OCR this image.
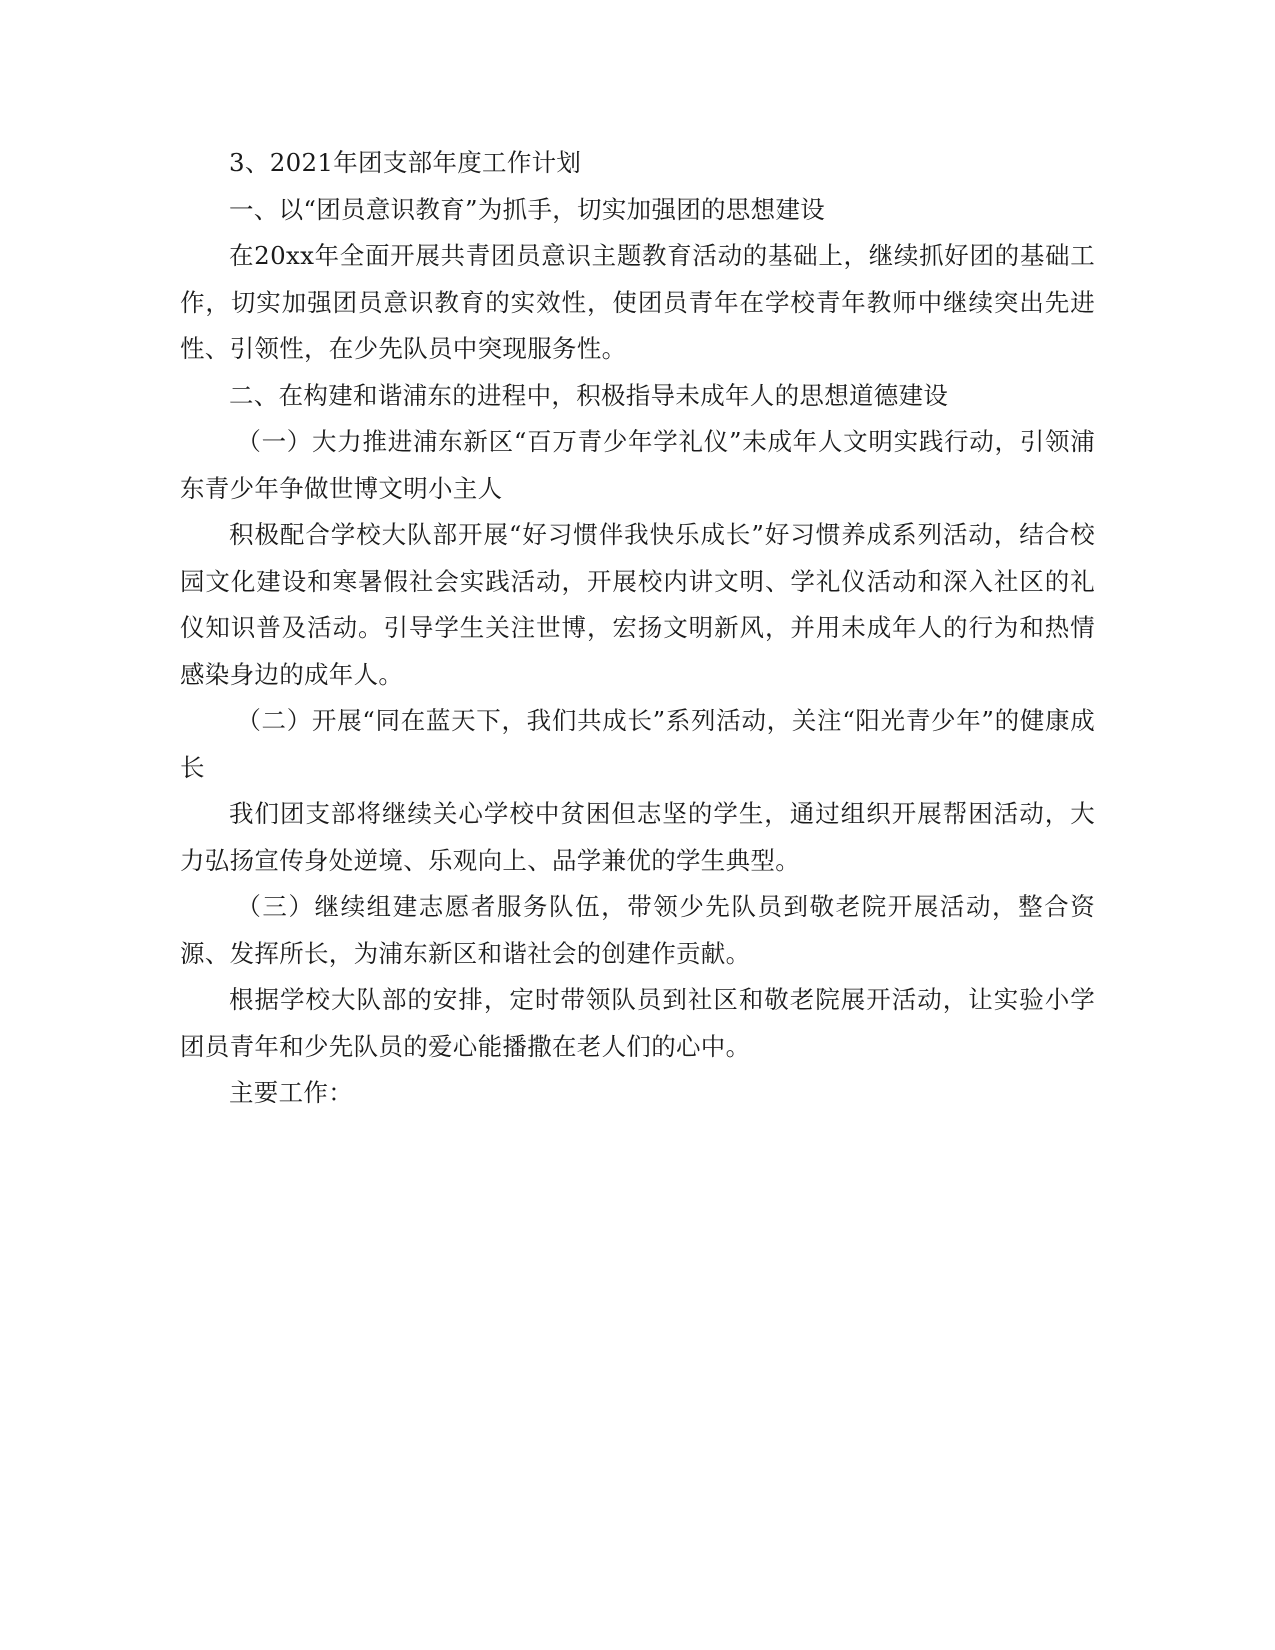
3、2021年团支部年度工作计划

一、以“团员意识教育”为抓手，切实加强团的思想建设

在20xx年全面开展共青团员意识主题教育活动的基础上，继续抓好团的基础工作，切实加强团员意识教育的实效性，使团员青年在学校青年教师中继续突出先进性、引领性，在少先队员中突现服务性。

二、在构建和谐浦东的进程中，积极指导未成年人的思想道德建设

（一）大力推进浦东新区“百万青少年学礼仪”未成年人文明实践行动，引领浦东青少年争做世博文明小主人

积极配合学校大队部开展“好习惯伴我快乐成长”好习惯养成系列活动，结合校园文化建设和寒暑假社会实践活动，开展校内讲文明、学礼仪活动和深入社区的礼仪知识普及活动。引导学生关注世博，宏扬文明新风，并用未成年人的行为和热情感染身边的成年人。

（二）开展“同在蓝天下，我们共成长”系列活动，关注“阳光青少年”的健康成长

我们团支部将继续关心学校中贫困但志坚的学生，通过组织开展帮困活动，大力弘扬宣传身处逆境、乐观向上、品学兼优的学生典型。

（三）继续组建志愿者服务队伍，带领少先队员到敬老院开展活动，整合资源、发挥所长，为浦东新区和谐社会的创建作贡献。

根据学校大队部的安排，定时带领队员到社区和敬老院展开活动，让实验小学团员青年和少先队员的爱心能播撒在老人们的心中。

主要工作：
